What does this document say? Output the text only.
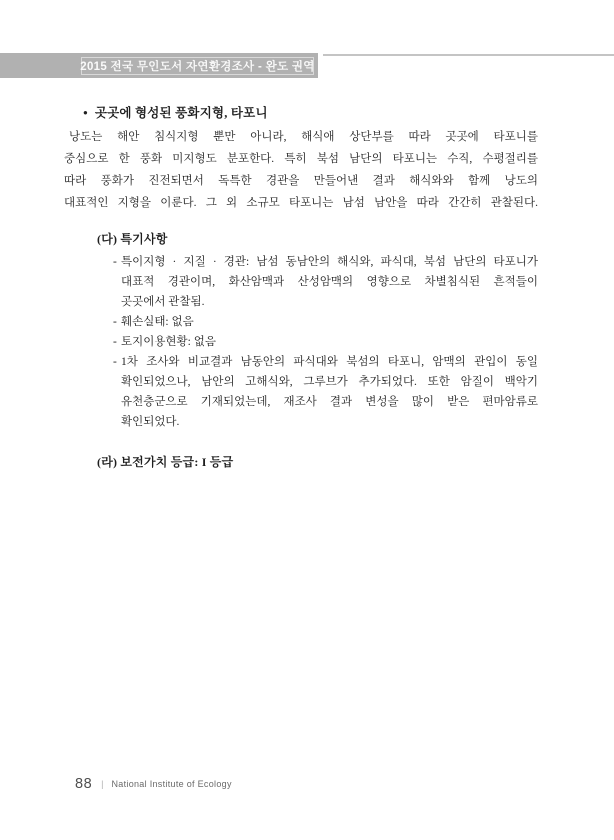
2015 전국 무인도서 자연환경조사 - 완도 권역
● 곳곳에 형성된 풍화지형, 타포니
낭도는 해안 침식지형 뿐만 아니라, 해식애 상단부를 따라 곳곳에 타포니를
중심으로 한 풍화 미지형도 분포한다. 특히 북섬 남단의 타포니는 수직, 수평절리를
따라 풍화가 진전되면서 독특한 경관을 만들어낸 결과 해식와와 함께 낭도의
대표적인 지형을 이룬다. 그 외 소규모 타포니는 남섬 남안을 따라 간간히 관찰된다.
(다) 특기사항
- 특이지형 · 지질 · 경관: 남섬 동남안의 해식와, 파식대, 북섬 남단의 타포니가
대표적 경관이며, 화산암맥과 산성암맥의 영향으로 차별침식된 흔적들이
곳곳에서 관찰됨.
- 훼손실태: 없음
- 토지이용현황: 없음
- 1차 조사와 비교결과 남동안의 파식대와 북섬의 타포니, 암맥의 관입이 동일
확인되었으나, 남안의 고해식와, 그루브가 추가되었다. 또한 암질이 백악기
유천층군으로 기재되었는데, 재조사 결과 변성을 많이 받은 편마암류로
확인되었다.
(라) 보전가치 등급: I 등급
88 | National Institute of Ecology
